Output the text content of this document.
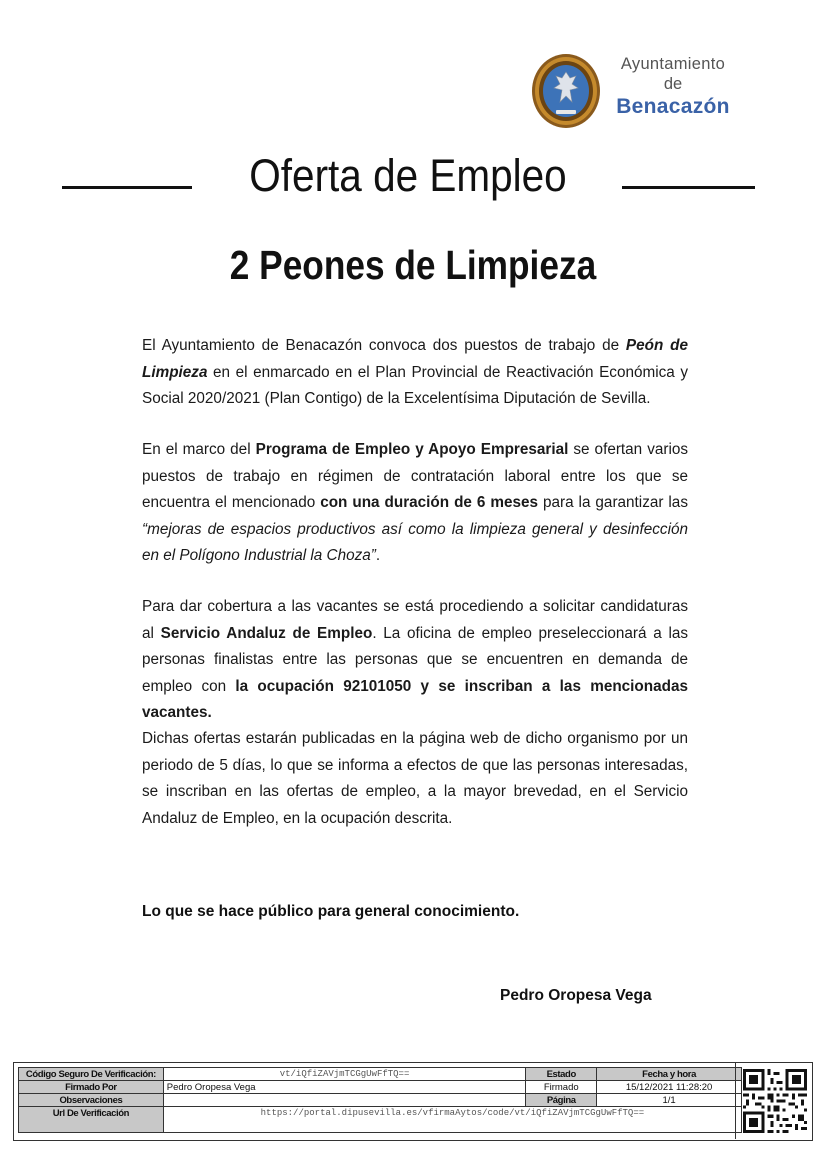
Ayuntamiento
de
Benacazón
Oferta de Empleo
2 Peones de Limpieza

El Ayuntamiento de Benacazón convoca dos puestos de trabajo de Peón de Limpieza en el enmarcado en el Plan Provincial de Reactivación Económica y Social 2020/2021 (Plan Contigo) de la Excelentísima Diputación de Sevilla.

En el marco del Programa de Empleo y Apoyo Empresarial se ofertan varios puestos de trabajo en régimen de contratación laboral entre los que se encuentra el mencionado con una duración de 6 meses para la garantizar las “mejoras de espacios productivos así como la limpieza general y desinfección en el Polígono Industrial la Choza”.

Para dar cobertura a las vacantes se está procediendo a solicitar candidaturas al Servicio Andaluz de Empleo. La oficina de empleo preseleccionará a las personas finalistas entre las personas que se encuentren en demanda de empleo con la ocupación 92101050 y se inscriban a las mencionadas vacantes.

Dichas ofertas estarán publicadas en la página web de dicho organismo por un periodo de 5 días, lo que se informa a efectos de que las personas interesadas, se inscriban en las ofertas de empleo, a la mayor brevedad, en el Servicio Andaluz de Empleo, en la ocupación descrita.

Lo que se hace público para general conocimiento.
Pedro Oropesa Vega
Código Seguro De Verificación:	vt/iQfiZAVjmTCGgUwFfTQ==	Estado	Fecha y hora
Firmado Por	Pedro Oropesa Vega	Firmado	15/12/2021 11:28:20
Observaciones		Página	1/1
Url De Verificación	https://portal.dipusevilla.es/vfirmaAytos/code/vt/iQfiZAVjmTCGgUwFfTQ==		
